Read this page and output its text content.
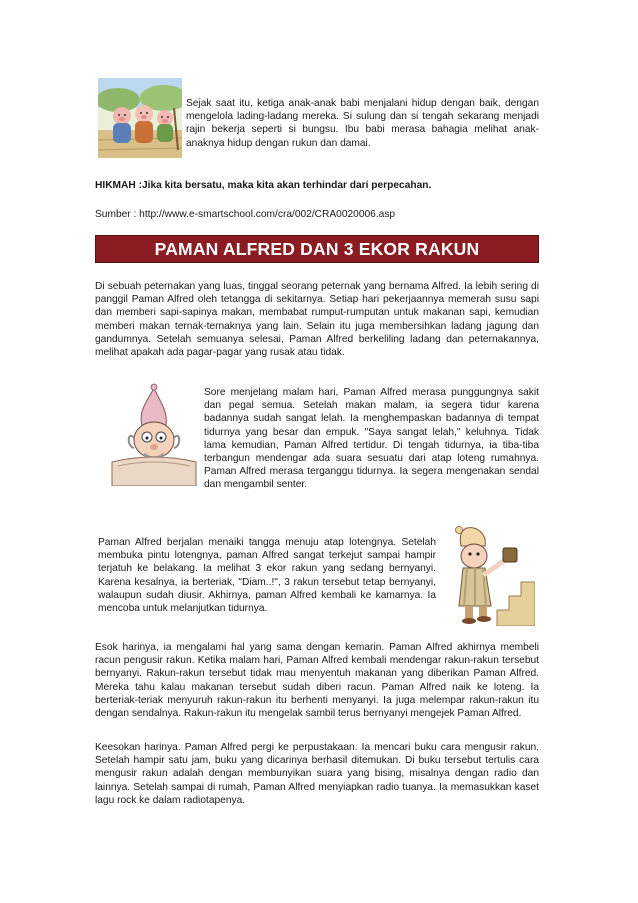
Sejak saat itu, ketiga anak-anak babi menjalani hidup dengan baik, dengan mengelola lading-ladang mereka. Si sulung dan si tengah sekarang menjadi rajin bekerja seperti si bungsu. Ibu babi merasa bahagia melihat anak-anaknya hidup dengan rukun dan damai.

HIKMAH :Jika kita bersatu, maka kita akan terhindar dari perpecahan.
Sumber : http://www.e-smartschool.com/cra/002/CRA0020006.asp
PAMAN ALFRED DAN 3 EKOR RAKUN

Di sebuah peternakan yang luas, tinggal seorang peternak yang bernama Alfred. Ia lebih sering di panggil Paman Alfred oleh tetangga di sekitarnya. Setiap hari pekerjaannya memerah susu sapi dan memberi sapi-sapinya makan, membabat rumput-rumputan untuk makanan sapi, kemudian memberi makan ternak-ternaknya yang lain. Selain itu juga membersihkan ladang jagung dan gandumnya. Setelah semuanya selesai, Paman Alfred berkeliling ladang dan peternakannya, melihat apakah ada pagar-pagar yang rusak atau tidak.

Sore menjelang malam hari, Paman Alfred merasa punggungnya sakit dan pegal semua. Setelah makan malam, ia segera tidur karena badannya sudah sangat lelah. Ia menghempaskan badannya di tempat tidurnya yang besar dan empuk. "Saya sangat lelah," keluhnya. Tidak lama kemudian, Paman Alfred tertidur. Di tengah tidurnya, ia tiba-tiba terbangun mendengar ada suara sesuatu dari atap loteng rumahnya. Paman Alfred merasa terganggu tidurnya. Ia segera mengenakan sendal dan mengambil senter.

Paman Alfred berjalan menaiki tangga menuju atap lotengnya. Setelah membuka pintu lotengnya, paman Alfred sangat terkejut sampai hampir terjatuh ke belakang. Ia melihat 3 ekor rakun yang sedang bernyanyi. Karena kesalnya, ia berteriak, "Diam..!", 3 rakun tersebut tetap bernyanyi, walaupun sudah diusir. Akhirnya, paman Alfred kembali ke kamarnya. Ia mencoba untuk melanjutkan tidurnya.

Esok harinya, ia mengalami hal yang sama dengan kemarin. Paman Alfred akhirnya membeli racun pengusir rakun. Ketika malam hari, Paman Alfred kembali mendengar rakun-rakun tersebut bernyanyi. Rakun-rakun tersebut tidak mau menyentuh makanan yang diberikan Paman Alfred. Mereka tahu kalau makanan tersebut sudah diberi racun. Paman Alfred naik ke loteng. Ia berteriak-teriak menyuruh rakun-rakun itu berhenti menyanyi. Ia juga melempar rakun-rakun itu dengan sendalnya. Rakun-rakun itu mengelak sambil terus bernyanyi mengejek Paman Alfred.

Keesokan harinya. Paman Alfred pergi ke perpustakaan. Ia mencari buku cara mengusir rakun. Setelah hampir satu jam, buku yang dicarinya berhasil ditemukan. Di buku tersebut tertulis cara mengusir rakun adalah dengan membunyikan suara yang bising, misalnya dengan radio dan lainnya. Setelah sampai di rumah, Paman Alfred menyiapkan radio tuanya. Ia memasukkan kaset lagu rock ke dalam radiotapenya.
